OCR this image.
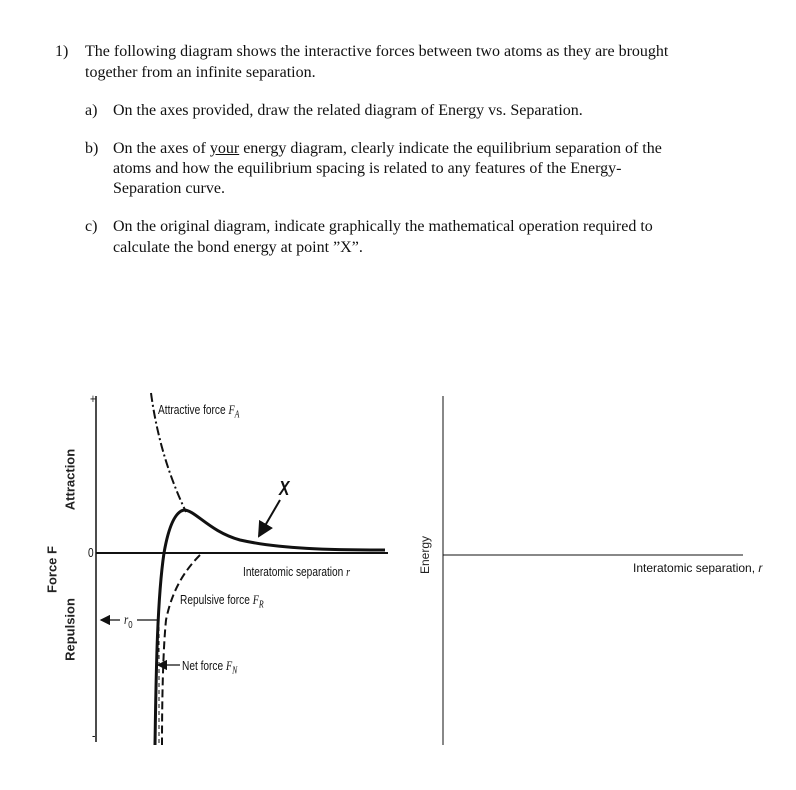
1) The following diagram shows the interactive forces between two atoms as they are brought
together from an infinite separation.
a) On the axes provided, draw the related diagram of Energy vs. Separation.
b) On the axes of your energy diagram, clearly indicate the equilibrium separation of the
atoms and how the equilibrium spacing is related to any features of the Energy-
Separation curve.
c) On the original diagram, indicate graphically the mathematical operation required to
calculate the bond energy at point ”X”.
+
0
-
Attractive force $F_A$
Interatomic separation r
Repulsive force $F_R$
Net force $F_N$
$r_0$
X
Force F
Attraction
Repulsion
Energy	Interatomic separation, r
